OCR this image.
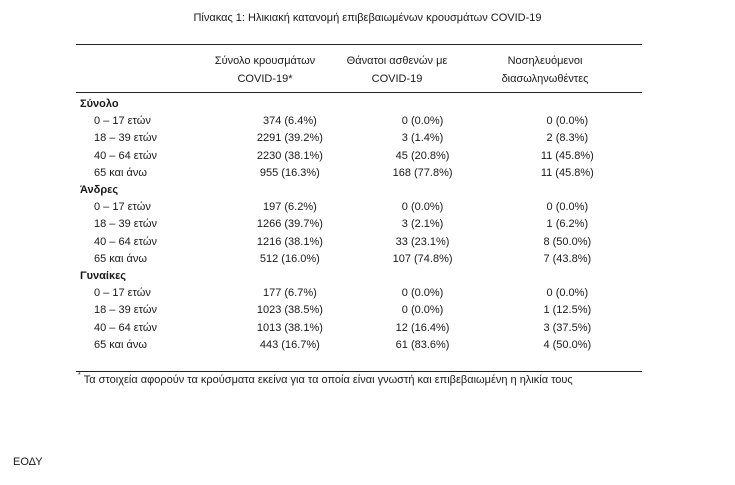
Πίνακας 1: Ηλικιακή κατανομή επιβεβαιωμένων κρουσμάτων COVID-19
Σύνολο κρουσμάτων
COVID-19*
Θάνατοι ασθενών με
COVID-19
Νοσηλευόμενοι
διασωληνωθέντες
Σύνολο			
0 – 17 ετών	374 (6.4%)	0 (0.0%)	0 (0.0%)
18 – 39 ετών	2291 (39.2%)	3 (1.4%)	2 (8.3%)
40 – 64 ετών	2230 (38.1%)	45 (20.8%)	11 (45.8%)
65 και άνω	955 (16.3%)	168 (77.8%)	11 (45.8%)
Άνδρες			
0 – 17 ετών	197 (6.2%)	0 (0.0%)	0 (0.0%)
18 – 39 ετών	1266 (39.7%)	3 (2.1%)	1 (6.2%)
40 – 64 ετών	1216 (38.1%)	33 (23.1%)	8 (50.0%)
65 και άνω	512 (16.0%)	107 (74.8%)	7 (43.8%)
Γυναίκες			
0 – 17 ετών	177 (6.7%)	0 (0.0%)	0 (0.0%)
18 – 39 ετών	1023 (38.5%)	0 (0.0%)	1 (12.5%)
40 – 64 ετών	1013 (38.1%)	12 (16.4%)	3 (37.5%)
65 και άνω	443 (16.7%)	61 (83.6%)	4 (50.0%)
* Τα στοιχεία αφορούν τα κρούσματα εκείνα για τα οποία είναι γνωστή και επιβεβαιωμένη η ηλικία τους
ΕΟΔΥ
